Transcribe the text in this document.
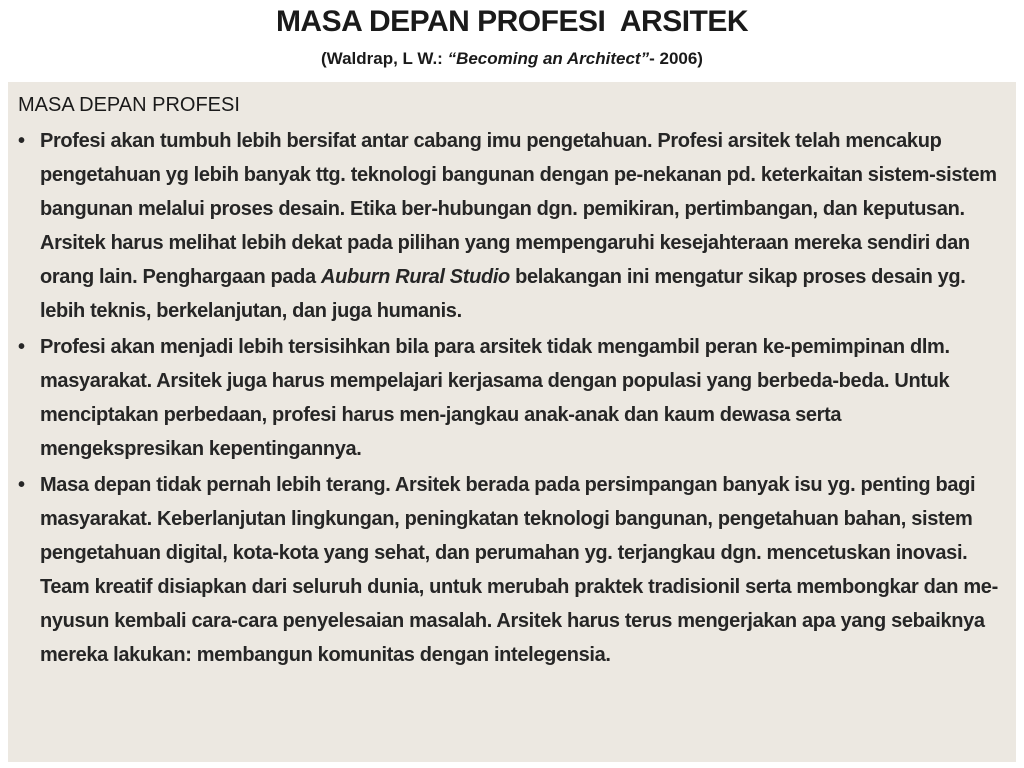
MASA DEPAN PROFESI  ARSITEK
(Waldrap, L W.: “Becoming an Architect”- 2006)
MASA DEPAN PROFESI
• Profesi akan tumbuh lebih bersifat antar cabang imu pengetahuan. Profesi arsitek telah mencakup pengetahuan yg lebih banyak ttg. teknologi bangunan dengan pe-nekanan pd. keterkaitan sistem-sistem bangunan melalui proses desain. Etika ber-hubungan dgn. pemikiran, pertimbangan, dan keputusan. Arsitek harus melihat lebih dekat pada pilihan yang mempengaruhi kesejahteraan mereka sendiri dan orang lain. Penghargaan pada Auburn Rural Studio belakangan ini mengatur sikap proses desain yg. lebih teknis, berkelanjutan, dan juga humanis.
• Profesi akan menjadi lebih tersisihkan bila para arsitek tidak mengambil peran ke-pemimpinan dlm. masyarakat. Arsitek juga harus mempelajari kerjasama dengan populasi yang berbeda-beda. Untuk menciptakan perbedaan, profesi harus men-jangkau anak-anak dan kaum dewasa serta mengekspresikan kepentingannya.
• Masa depan tidak pernah lebih terang. Arsitek berada pada persimpangan banyak isu yg. penting bagi masyarakat. Keberlanjutan lingkungan, peningkatan teknologi bangunan, pengetahuan bahan, sistem pengetahuan digital, kota-kota yang sehat, dan perumahan yg. terjangkau dgn. mencetuskan inovasi. Team kreatif disiapkan dari seluruh dunia, untuk merubah praktek tradisionil serta membongkar dan me-nyusun kembali cara-cara penyelesaian masalah. Arsitek harus terus mengerjakan apa yang sebaiknya mereka lakukan: membangun komunitas dengan intelegensia.
